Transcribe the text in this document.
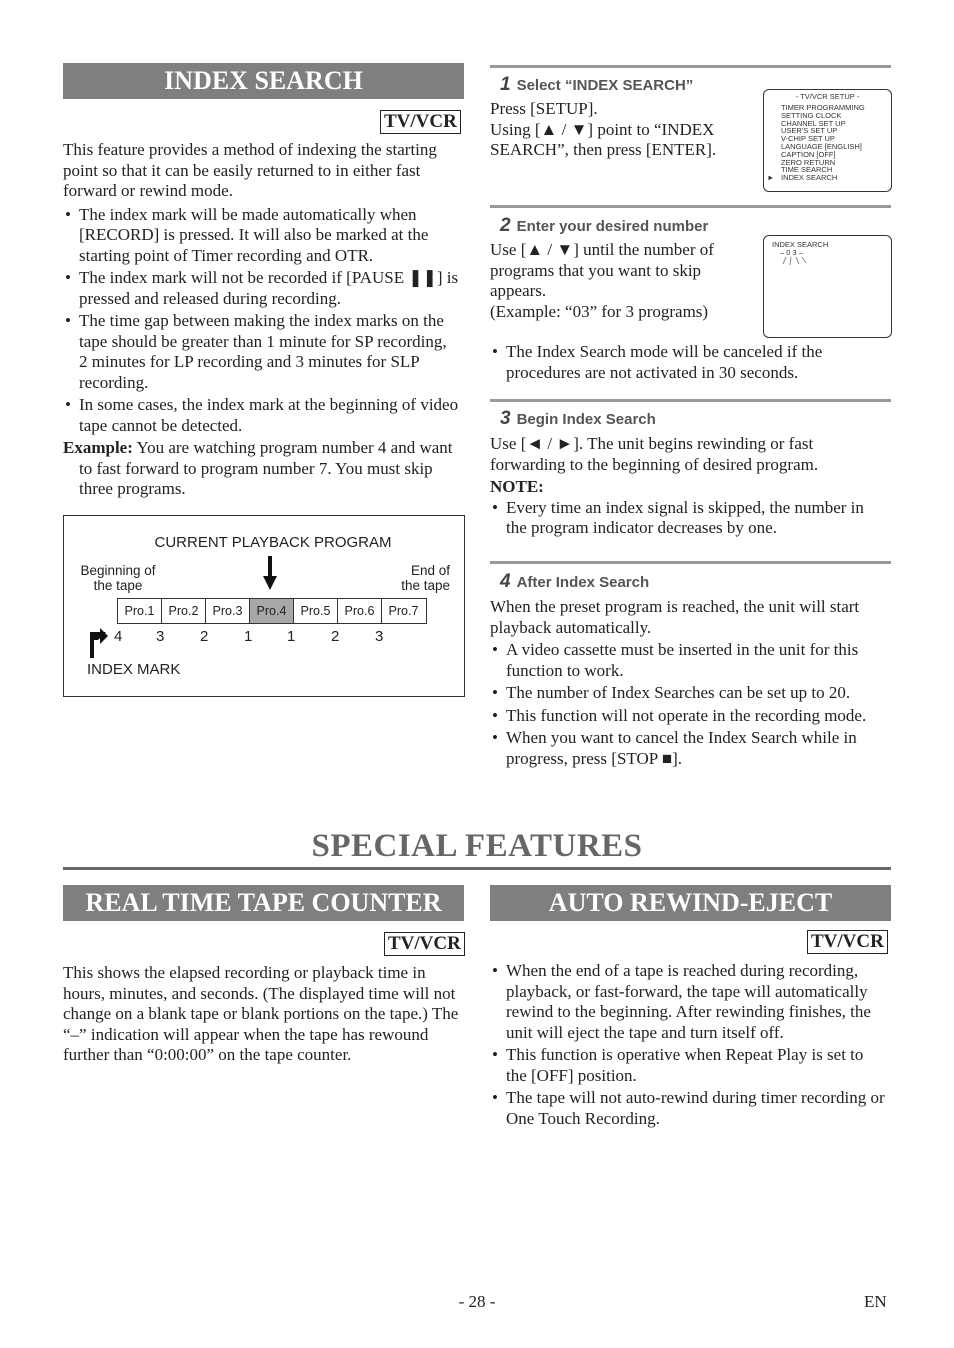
INDEX SEARCH
TV/VCR
This feature provides a method of indexing the starting point so that it can be easily returned to in either fast forward or rewind mode.
• The index mark will be made automatically when [RECORD] is pressed. It will also be marked at the starting point of Timer recording and OTR.
• The index mark will not be recorded if [PAUSE ❚❚] is pressed and released during recording.
• The time gap between making the index marks on the tape should be greater than 1 minute for SP recording, 2 minutes for LP recording and 3 minutes for SLP recording.
• In some cases, the index mark at the beginning of video tape cannot be detected.
Example: You are watching program number 4 and want to fast forward to program number 7. You must skip three programs.
CURRENT PLAYBACK PROGRAM
Beginning of
the tape
End of
the tape
Pro.1	Pro.2	Pro.3	Pro.4	Pro.5	Pro.6	Pro.7
4 3 2 1 1 2 3
INDEX MARK
1 Select “INDEX SEARCH”
Press [SETUP].
Using [▲ / ▼] point to “INDEX
SEARCH”, then press [ENTER].
- TV/VCR SETUP -
TIMER PROGRAMMING
SETTING CLOCK
CHANNEL SET UP
USER'S SET UP
V-CHIP SET UP
LANGUAGE [ENGLISH]
CAPTION [OFF]
ZERO RETURN
TIME SEARCH
INDEX SEARCH
►
2 Enter your desired number
Use [▲ / ▼] until the number of
programs that you want to skip
appears.
(Example: “03” for 3 programs)
INDEX SEARCH
– 0 3 –
• The Index Search mode will be canceled if the procedures are not activated in 30 seconds.
3 Begin Index Search
Use [◄ / ►]. The unit begins rewinding or fast forwarding to the beginning of desired program.
NOTE:
• Every time an index signal is skipped, the number in the program indicator decreases by one.
4 After Index Search
When the preset program is reached, the unit will start playback automatically.
• A video cassette must be inserted in the unit for this function to work.
• The number of Index Searches can be set up to 20.
• This function will not operate in the recording mode.
• When you want to cancel the Index Search while in progress, press [STOP ■].
SPECIAL FEATURES
REAL TIME TAPE COUNTER
TV/VCR
This shows the elapsed recording or playback time in hours, minutes, and seconds. (The displayed time will not change on a blank tape or blank portions on the tape.) The “–” indication will appear when the tape has rewound further than “0:00:00” on the tape counter.
AUTO REWIND-EJECT
TV/VCR
• When the end of a tape is reached during recording, playback, or fast-forward, the tape will automatically rewind to the beginning. After rewinding finishes, the unit will eject the tape and turn itself off.
• This function is operative when Repeat Play is set to the [OFF] position.
• The tape will not auto-rewind during timer recording or One Touch Recording.
- 28 -	EN
